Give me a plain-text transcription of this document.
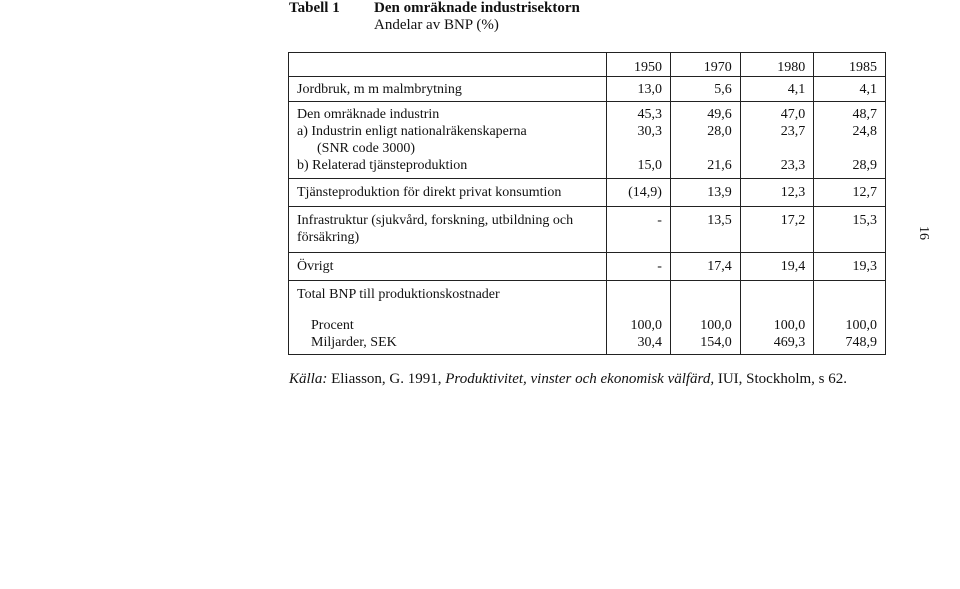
Tabell 1 Den omräknade industrisektorn
Andelar av BNP (%)
	1950	1970	1980	1985
Jordbruk, m m malmbrytning	13,0	5,6	4,1	4,1
Den omräknade industrin	45,3	49,6	47,0	48,7
a) Industrin enligt nationalräkenskaperna	30,3	28,0	23,7	24,8
(SNR code 3000)				
b) Relaterad tjänsteproduktion	15,0	21,6	23,3	28,9
Tjänsteproduktion för direkt privat konsumtion	(14,9)	13,9	12,3	12,7
Infrastruktur (sjukvård, forskning, utbildning och försäkring)	-	13,5	17,2	15,3
Övrigt	-	17,4	19,4	19,3
Total BNP till produktionskostnader				
Procent	100,0	100,0	100,0	100,0
Miljarder, SEK	30,4	154,0	469,3	748,9
Källa: Eliasson, G. 1991, Produktivitet, vinster och ekonomisk välfärd, IUI, Stockholm, s 62.
16
